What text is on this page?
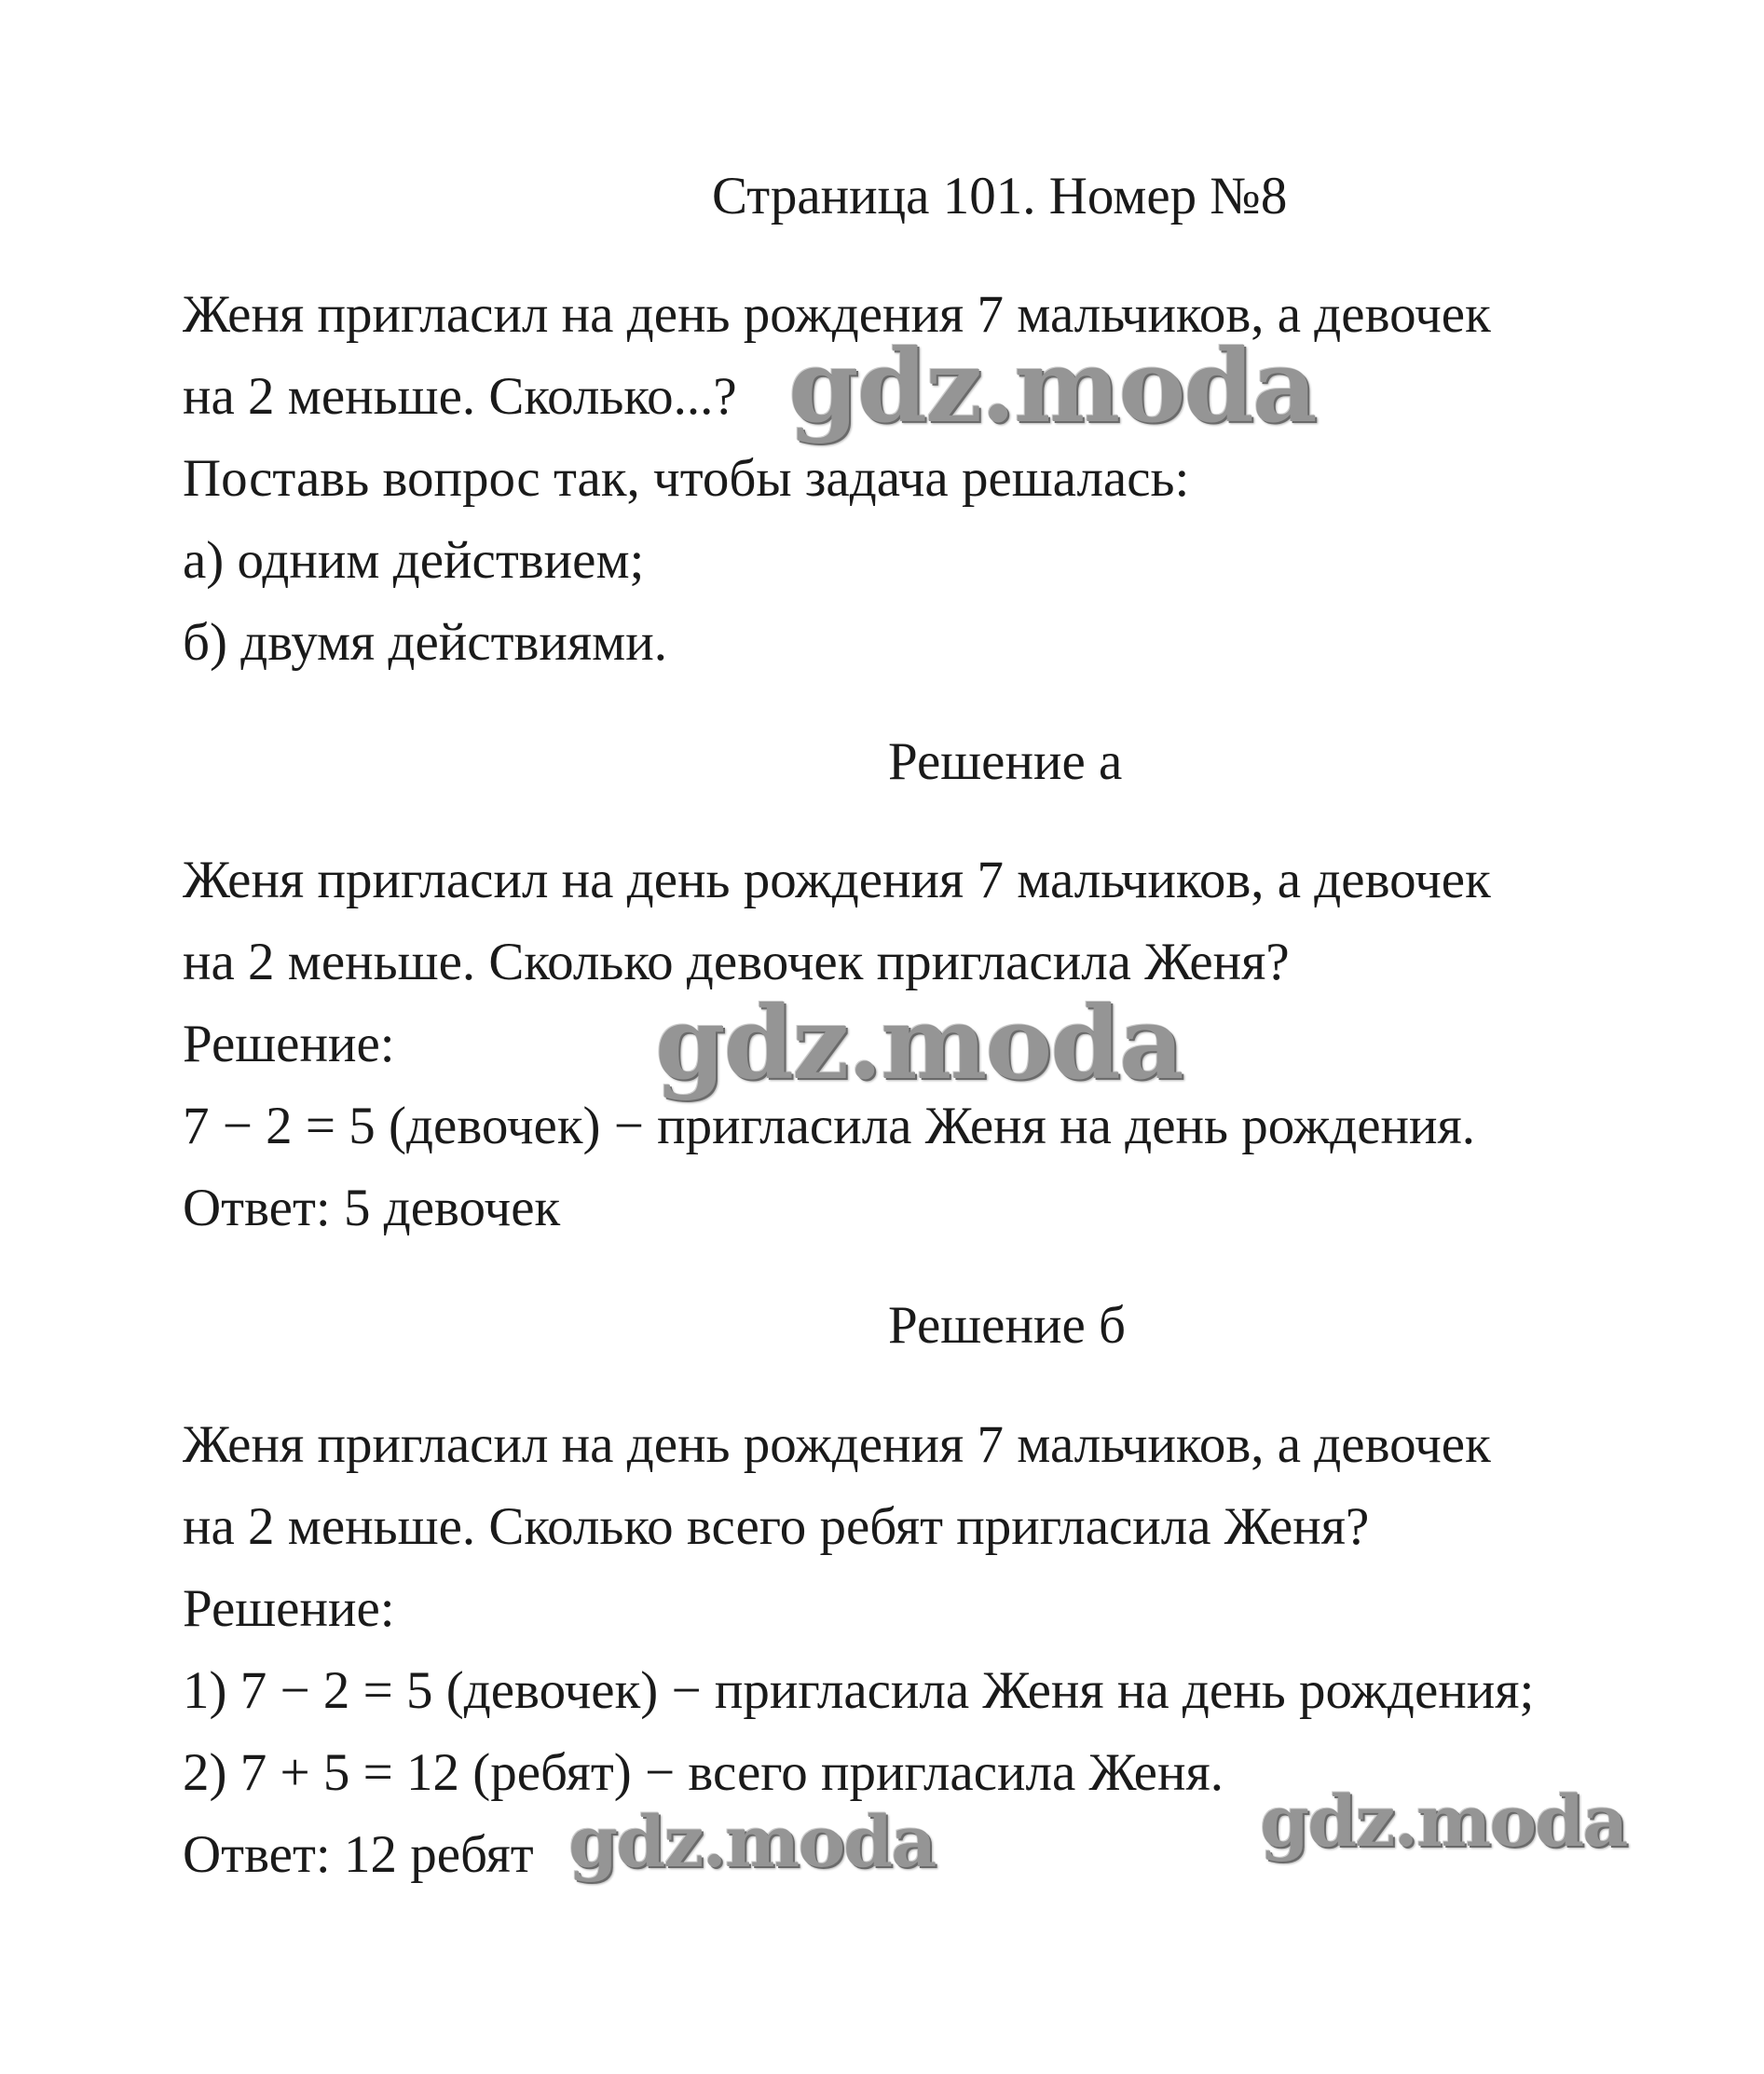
Страница 101. Номер №8
Женя пригласил на день рождения 7 мальчиков, а девочек
на 2 меньше. Сколько...?
Поставь вопрос так, чтобы задача решалась:
а) одним действием;
б) двумя действиями.
Решение а
Женя пригласил на день рождения 7 мальчиков, а девочек
на 2 меньше. Сколько девочек пригласила Женя?
Решение:
7 − 2 = 5 (девочек) − пригласила Женя на день рождения.
Ответ: 5 девочек
Решение б
Женя пригласил на день рождения 7 мальчиков, а девочек
на 2 меньше. Сколько всего ребят пригласила Женя?
Решение:
1) 7 − 2 = 5 (девочек) − пригласила Женя на день рождения;
2) 7 + 5 = 12 (ребят) − всего пригласила Женя.
Ответ: 12 ребят
gdz.moda
gdz.moda
gdz.moda	gdz.moda
